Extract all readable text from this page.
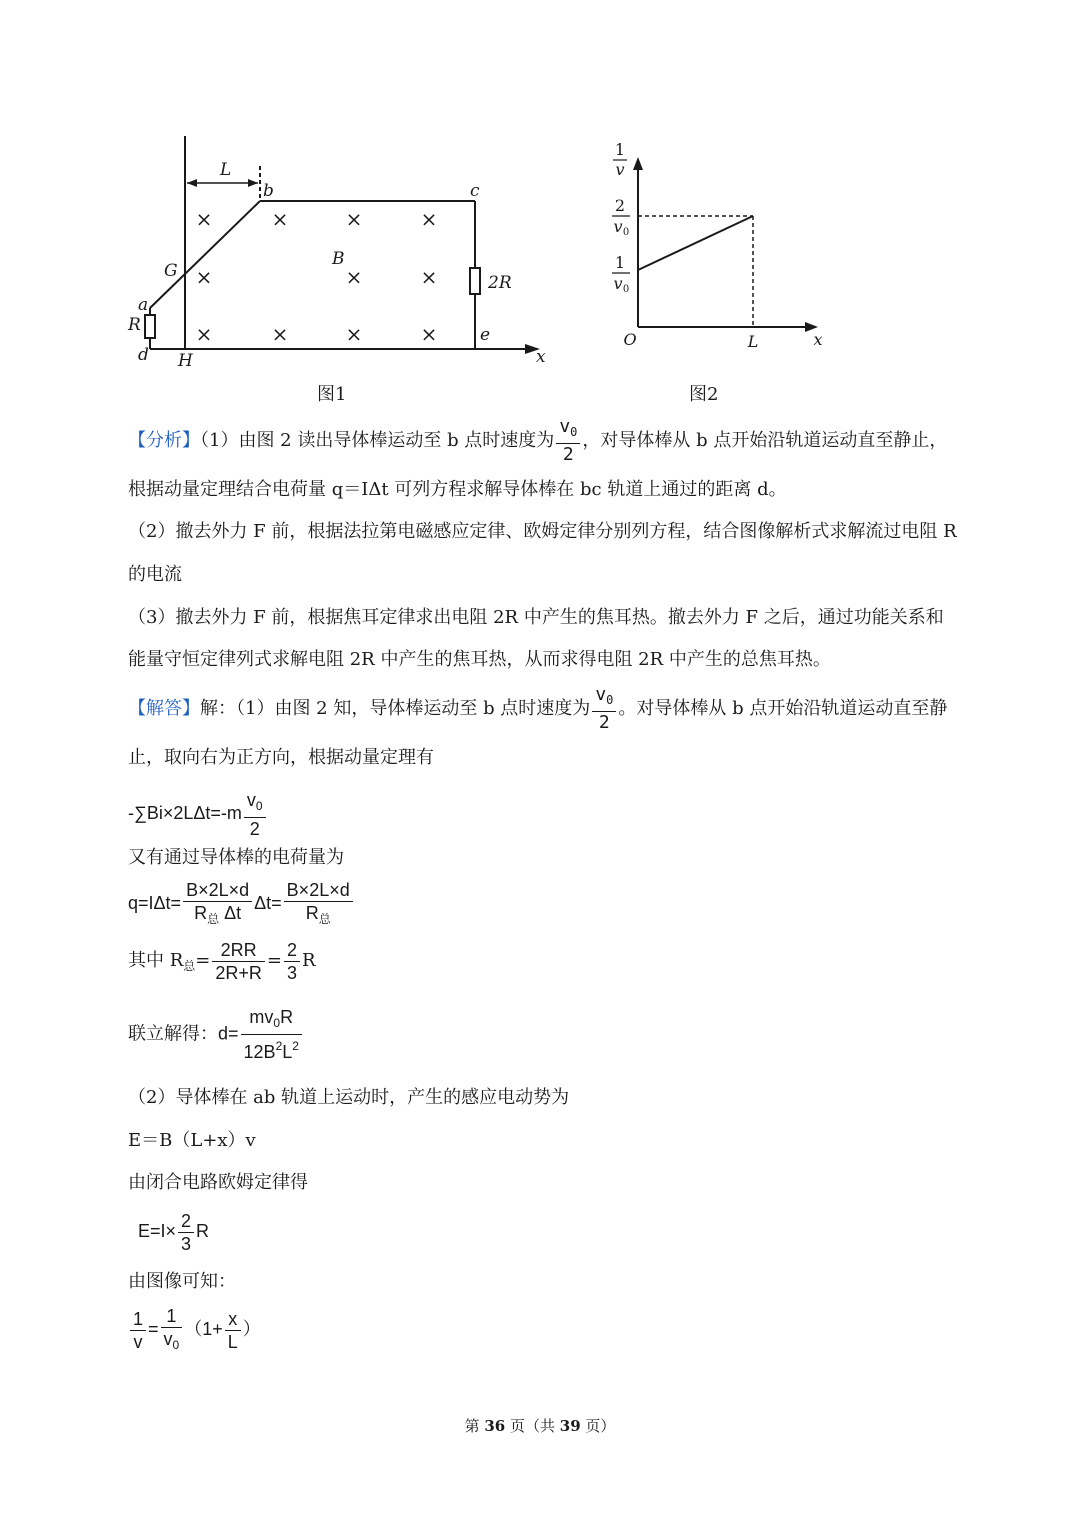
×	×	×	×
×	×	×
×	×	×	×
L
b	c
G
B
a
R
d H
e
x
2R
图1
1
v
2
v 0
1
v 0
O	L	x
图2
【分析】（1）由图 2 读出导体棒运动至 b 点时速度为 $\frac{v_0}{2}$ ，对导体棒从 b 点开始沿轨道运动直至静止，
根据动量定理结合电荷量 q＝IΔt 可列方程求解导体棒在 bc 轨道上通过的距离 d。
（2）撤去外力 F 前，根据法拉第电磁感应定律、欧姆定律分别列方程，结合图像解析式求解流过电阻 R
的电流
（3）撤去外力 F 前，根据焦耳定律求出电阻 2R 中产生的焦耳热。撤去外力 F 之后，通过功能关系和
能量守恒定律列式求解电阻 2R 中产生的焦耳热，从而求得电阻 2R 中产生的总焦耳热。
【解答】解：（1）由图 2 知，导体棒运动至 b 点时速度为 $\frac{v_0}{2}$ 。对导体棒从 b 点开始沿轨道运动直至静
止，取向右为正方向，根据动量定理有
$-\sum Bi\times 2L\Delta t=-m \frac{v_0}{2}$
又有通过导体棒的电荷量为
$q=I\Delta t= \frac{B\times 2L\times d}{R_总 \Delta t} \Delta t= \frac{B\times 2L\times d}{R_总}$
其中 $R_总= \frac{2RR}{2R+R} = \frac{2}{3}$ R
联立解得：$d= \frac{mv_0R}{12B^2L^2}$
（2）导体棒在 ab 轨道上运动时，产生的感应电动势为
E＝B（L+x）v
由闭合电路欧姆定律得
$E=I\times \frac{2}{3}$ R
由图像可知：
$\frac{1}{v} = \frac{1}{v_0} (1+ \frac{x}{L}$ ）
第 36 页（共 39 页）
